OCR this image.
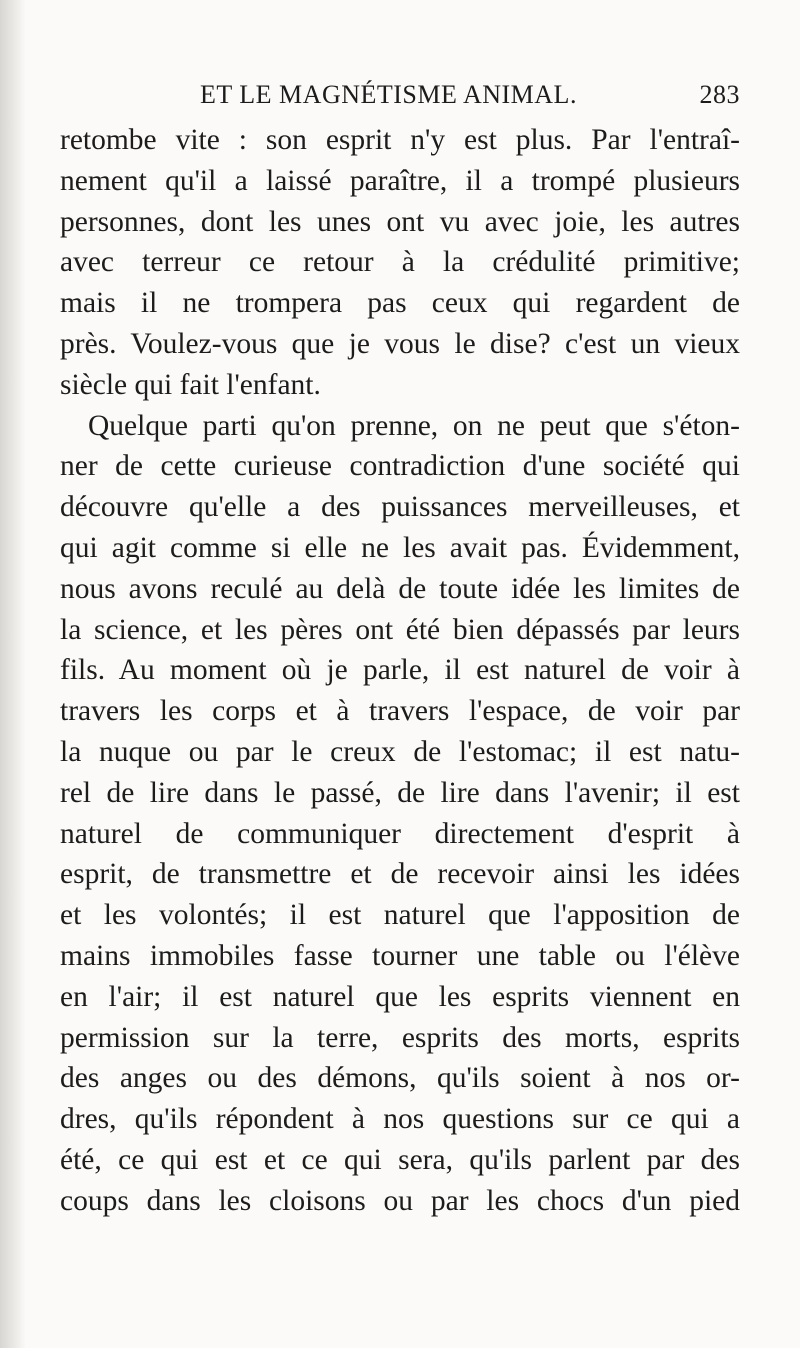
ET LE MAGNÉTISME ANIMAL.	283
retombe vite : son esprit n'y est plus. Par l'entraî-
nement qu'il a laissé paraître, il a trompé plusieurs
personnes, dont les unes ont vu avec joie, les autres
avec terreur ce retour à la crédulité primitive;
mais il ne trompera pas ceux qui regardent de
près. Voulez-vous que je vous le dise? c'est un vieux
siècle qui fait l'enfant.
Quelque parti qu'on prenne, on ne peut que s'éton-
ner de cette curieuse contradiction d'une société qui
découvre qu'elle a des puissances merveilleuses, et
qui agit comme si elle ne les avait pas. Évidemment,
nous avons reculé au delà de toute idée les limites de
la science, et les pères ont été bien dépassés par leurs
fils. Au moment où je parle, il est naturel de voir à
travers les corps et à travers l'espace, de voir par
la nuque ou par le creux de l'estomac; il est natu-
rel de lire dans le passé, de lire dans l'avenir; il est
naturel de communiquer directement d'esprit à
esprit, de transmettre et de recevoir ainsi les idées
et les volontés; il est naturel que l'apposition de
mains immobiles fasse tourner une table ou l'élève
en l'air; il est naturel que les esprits viennent en
permission sur la terre, esprits des morts, esprits
des anges ou des démons, qu'ils soient à nos or-
dres, qu'ils répondent à nos questions sur ce qui a
été, ce qui est et ce qui sera, qu'ils parlent par des
coups dans les cloisons ou par les chocs d'un pied
